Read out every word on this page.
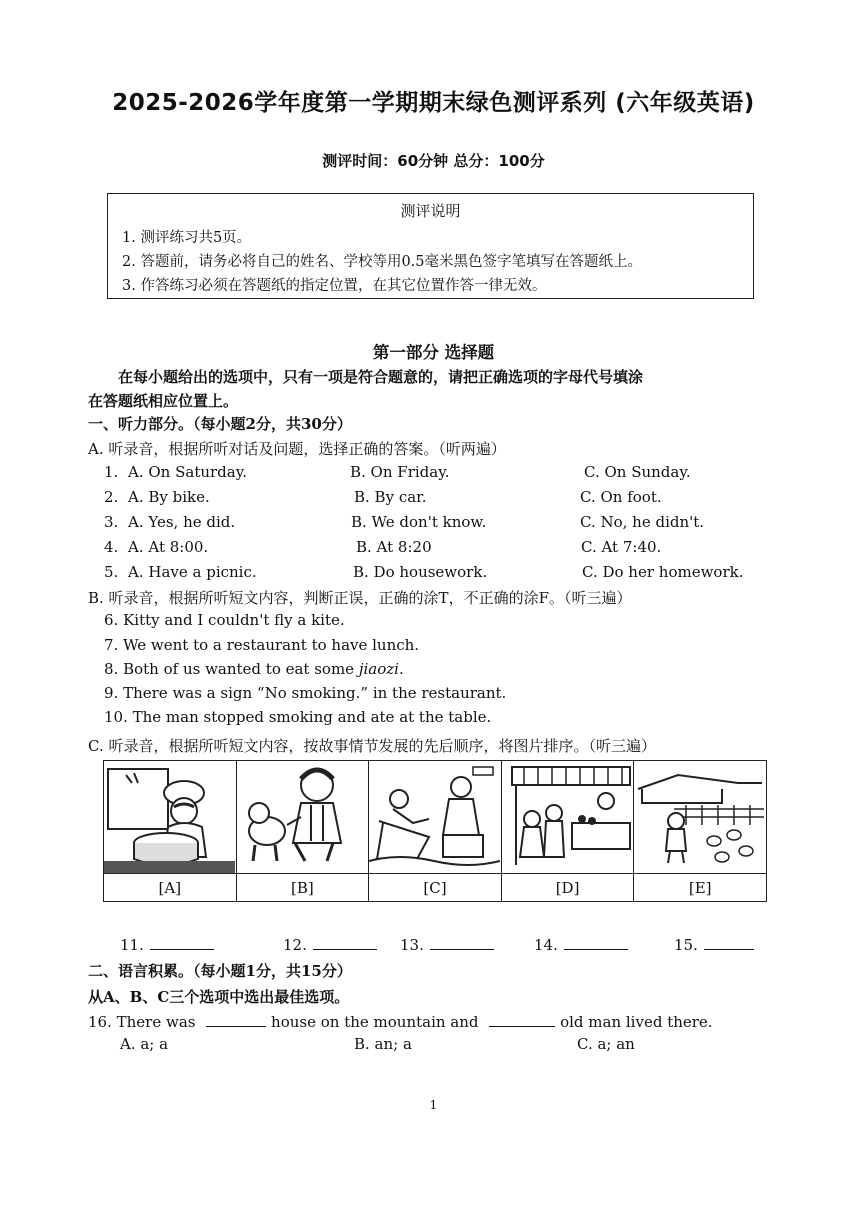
2025-2026学年度第一学期期末绿色测评系列 (六年级英语)
测评时间：60分钟 总分：100分
测评说明
1. 测评练习共5页。
2. 答题前，请务必将自己的姓名、学校等用0.5毫米黑色签字笔填写在答题纸上。
3. 作答练习必须在答题纸的指定位置，在其它位置作答一律无效。
第一部分 选择题
在每小题给出的选项中，只有一项是符合题意的，请把正确选项的字母代号填涂
在答题纸相应位置上。
一、听力部分。（每小题2分，共30分）
A. 听录音，根据所听对话及问题，选择正确的答案。（听两遍）
1. A. On Saturday.	B. On Friday.	C. On Sunday.
2. A. By bike.	B. By car.	C. On foot.
3. A. Yes, he did.	B. We don't know.	C. No, he didn't.
4. A. At 8:00.	B. At 8:20	C. At 7:40.
5. A. Have a picnic.	B. Do housework.	C. Do her homework.
B. 听录音，根据所听短文内容，判断正误，正确的涂T，不正确的涂F。（听三遍）
6. Kitty and I couldn't fly a kite.
7. We went to a restaurant to have lunch.
8. Both of us wanted to eat some jiaozi.
9. There was a sign “No smoking.” in the restaurant.
10. The man stopped smoking and ate at the table.
C. 听录音，根据所听短文内容，按故事情节发展的先后顺序，将图片排序。（听三遍）
[A]	[B]	[C]	[D]	[E]
11.	12.	13.	14.	15.
二、语言积累。（每小题1分，共15分）
从A、B、C三个选项中选出最佳选项。
16. There was	house on the mountain and	old man lived there.
A. a; a	B. an; a	C. a; an
1
